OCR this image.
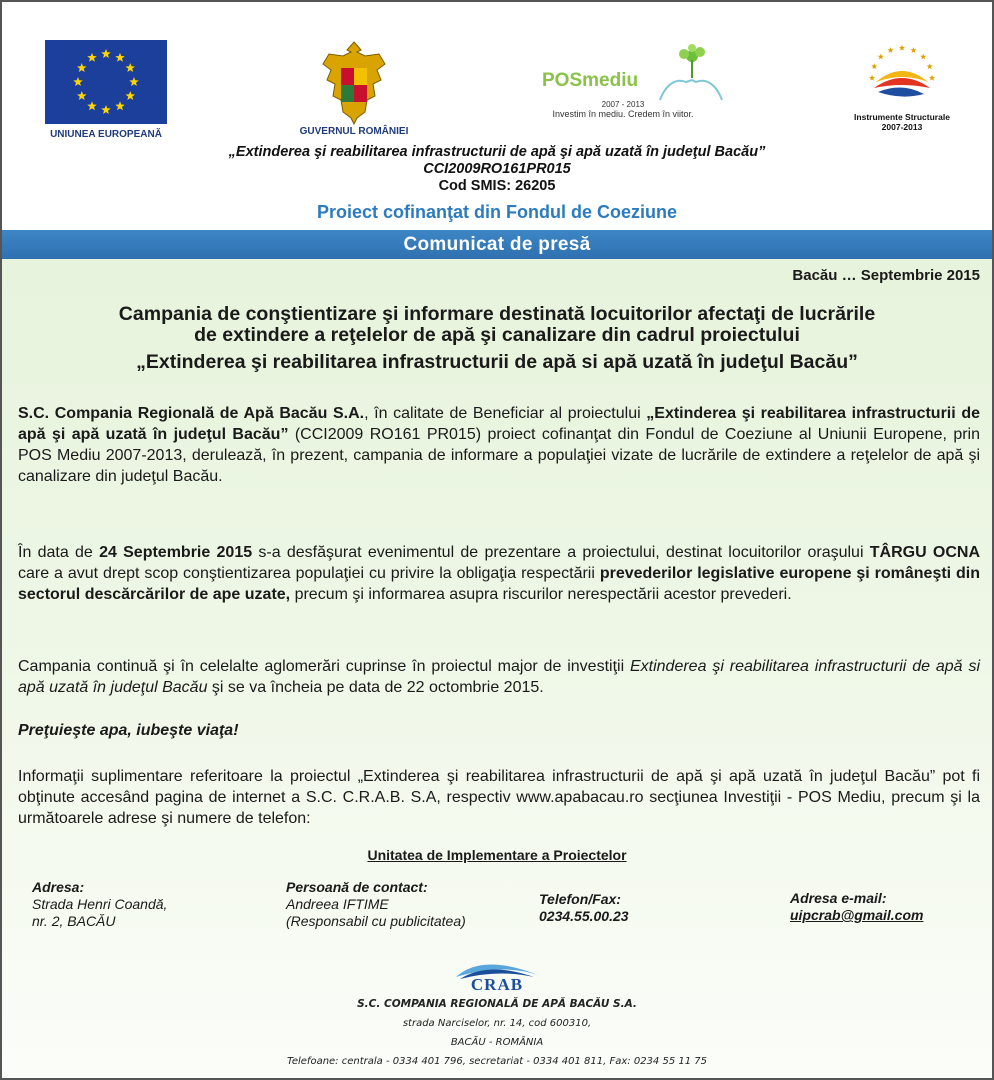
UNIUNEA EUROPEANĂ	GUVERNUL ROMÂNIEI
POSmediu
2007 - 2013
Investim în mediu. Credem în viitor.	Instrumente Structurale
2007-2013
„Extinderea şi reabilitarea infrastructurii de apă şi apă uzată în judeţul Bacău”
CCI2009RO161PR015
Cod SMIS: 26205
Proiect cofinanţat din Fondul de Coeziune
Comunicat de presă
Bacău … Septembrie 2015
Campania de conştientizare şi informare destinată locuitorilor afectaţi de lucrările
de extindere a reţelelor de apă şi canalizare din cadrul proiectului
„Extinderea şi reabilitarea infrastructurii de apă si apă uzată în judeţul Bacău”

S.C. Compania Regională de Apă Bacău S.A., în calitate de Beneficiar al proiectului „Extinderea şi reabilitarea infrastructurii de apă şi apă uzată în judeţul Bacău” (CCI2009 RO161 PR015) proiect cofinanţat din Fondul de Coeziune al Uniunii Europene, prin POS Mediu 2007-2013, derulează, în prezent, campania de informare a populaţiei vizate de lucrările de extindere a reţelelor de apă şi canalizare din judeţul Bacău.

În data de 24 Septembrie 2015 s-a desfăşurat evenimentul de prezentare a proiectului, destinat locuitorilor oraşului TÂRGU OCNA care a avut drept scop conştientizarea populaţiei cu privire la obligaţia respectării prevederilor legislative europene şi româneşti din sectorul descărcărilor de ape uzate, precum şi informarea asupra riscurilor nerespectării acestor prevederi.

Campania continuă şi în celelalte aglomerări cuprinse în proiectul major de investiţii Extinderea şi reabilitarea infrastructurii de apă si apă uzată în judeţul Bacău şi se va încheia pe data de 22 octombrie 2015.

Preţuieşte apa, iubeşte viaţa!

Informaţii suplimentare referitoare la proiectul „Extinderea şi reabilitarea infrastructurii de apă şi apă uzată în judeţul Bacău” pot fi obţinute accesând pagina de internet a S.C. C.R.A.B. S.A, respectiv www.apabacau.ro secţiunea Investiţii - POS Mediu, precum şi la următoarele adrese şi numere de telefon:

Unitatea de Implementare a Proiectelor
Adresa:
Strada Henri Coandă,
nr. 2, BACĂU
Persoană de contact:
Andreea IFTIME
(Responsabil cu publicitatea)
Telefon/Fax:
0234.55.00.23
Adresa e-mail:
uipcrab@gmail.com
CRAB
S.C. COMPANIA REGIONALĂ DE APĂ BACĂU S.A.
strada Narciselor, nr. 14, cod 600310,
BACĂU - ROMÂNIA
Telefoane: centrala - 0334 401 796, secretariat - 0334 401 811, Fax: 0234 55 11 75
